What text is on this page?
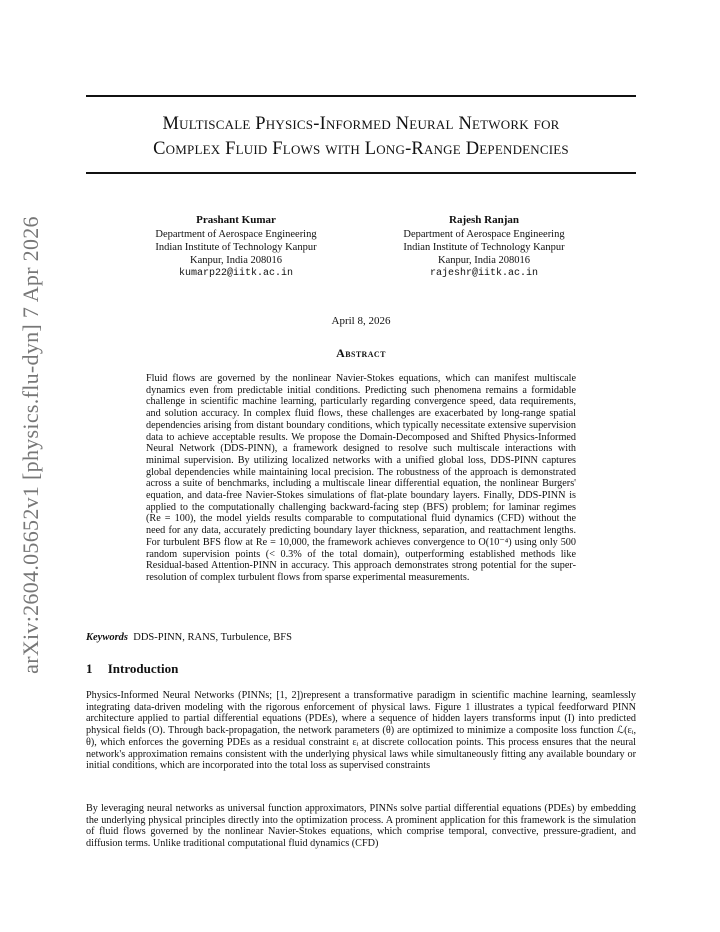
arXiv:2604.05652v1 [physics.flu-dyn] 7 Apr 2026
Multiscale Physics-Informed Neural Network for
Complex Fluid Flows with Long-Range Dependencies
Prashant Kumar
Department of Aerospace Engineering
Indian Institute of Technology Kanpur
Kanpur, India 208016
kumarp22@iitk.ac.in
Rajesh Ranjan
Department of Aerospace Engineering
Indian Institute of Technology Kanpur
Kanpur, India 208016
rajeshr@iitk.ac.in
April 8, 2026
Abstract

Fluid flows are governed by the nonlinear Navier-Stokes equations, which can manifest multiscale dynamics even from predictable initial conditions. Predicting such phenomena remains a formidable challenge in scientific machine learning, particularly regarding convergence speed, data requirements, and solution accuracy. In complex fluid flows, these challenges are exacerbated by long-range spatial dependencies arising from distant boundary conditions, which typically necessitate extensive supervision data to achieve acceptable results. We propose the Domain-Decomposed and Shifted Physics-Informed Neural Network (DDS-PINN), a framework designed to resolve such multiscale interactions with minimal supervision. By utilizing localized networks with a unified global loss, DDS-PINN captures global dependencies while maintaining local precision. The robustness of the approach is demonstrated across a suite of benchmarks, including a multiscale linear differential equation, the nonlinear Burgers' equation, and data-free Navier-Stokes simulations of flat-plate boundary layers. Finally, DDS-PINN is applied to the computationally challenging backward-facing step (BFS) problem; for laminar regimes (Re = 100), the model yields results comparable to computational fluid dynamics (CFD) without the need for any data, accurately predicting boundary layer thickness, separation, and reattachment lengths. For turbulent BFS flow at Re = 10,000, the framework achieves convergence to O(10⁻⁴) using only 500 random supervision points (< 0.3% of the total domain), outperforming established methods like Residual-based Attention-PINN in accuracy. This approach demonstrates strong potential for the super-resolution of complex turbulent flows from sparse experimental measurements.

Keywords DDS-PINN, RANS, Turbulence, BFS

1 Introduction

Physics-Informed Neural Networks (PINNs; [1, 2])represent a transformative paradigm in scientific machine learning, seamlessly integrating data-driven modeling with the rigorous enforcement of physical laws. Figure 1 illustrates a typical feedforward PINN architecture applied to partial differential equations (PDEs), where a sequence of hidden layers transforms input (I) into predicted physical fields (O). Through back-propagation, the network parameters (θ) are optimized to minimize a composite loss function ℒ(εᵢ, θ), which enforces the governing PDEs as a residual constraint εᵢ at discrete collocation points. This process ensures that the neural network's approximation remains consistent with the underlying physical laws while simultaneously fitting any available boundary or initial conditions, which are incorporated into the total loss as supervised constraints

By leveraging neural networks as universal function approximators, PINNs solve partial differential equations (PDEs) by embedding the underlying physical principles directly into the optimization process. A prominent application for this framework is the simulation of fluid flows governed by the nonlinear Navier-Stokes equations, which comprise temporal, convective, pressure-gradient, and diffusion terms. Unlike traditional computational fluid dynamics (CFD)
